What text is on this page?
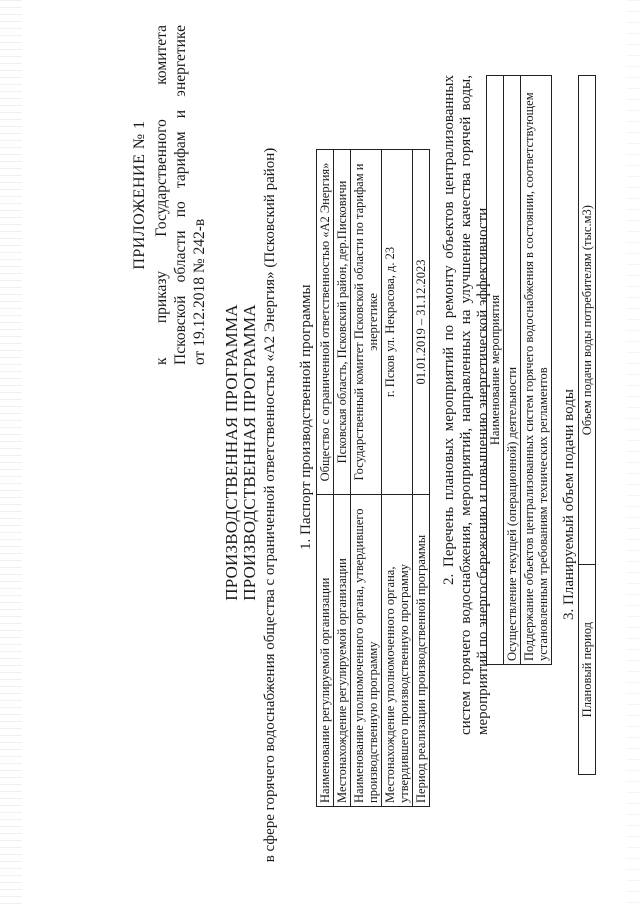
ПРИЛОЖЕНИЕ № 1 к приказу Государственного комитета Псковской области по тарифам и энергетике от 19.12.2018 № 242-в
ПРОИЗВОДСТВЕННАЯ ПРОГРАММА ПРОИЗВОДСТВЕННАЯ ПРОГРАММА в сфере горячего водоснабжения общества с ограниченной ответственностью «А2 Энергия» (Псковский район) 1. Паспорт производственной программы
Наименование регулируемой организации	Общество с ограниченной ответственностью «А2 Энергия»
Местонахождение регулируемой организации	Псковская область, Псковский район, дер.Писковичи
Наименование уполномоченного органа, утвердившего производственную программу	Государственный комитет Псковской области по тарифам и энергетике
Местонахождение уполномоченного органа, утвердившего производственную программу	г. Псков ул. Некрасова, д. 23
Период реализации производственной программы	01.01.2019 – 31.12.2023 2. Перечень плановых мероприятий по ремонту объектов централизованных систем горячего водоснабжения, мероприятий, направленных на улучшение качества горячей воды, мероприятий по энергосбережению и повышению энергетической эффективности
Наименование мероприятия
Осуществление текущей (операционной) деятельности
Поддержание объектов централизованных систем горячего водоснабжения в состоянии, соответствующем установленным требованиям технических регламентов 3. Планируемый объем подачи воды
Плановый период	Объем подачи воды потребителям (тыс.м3)
